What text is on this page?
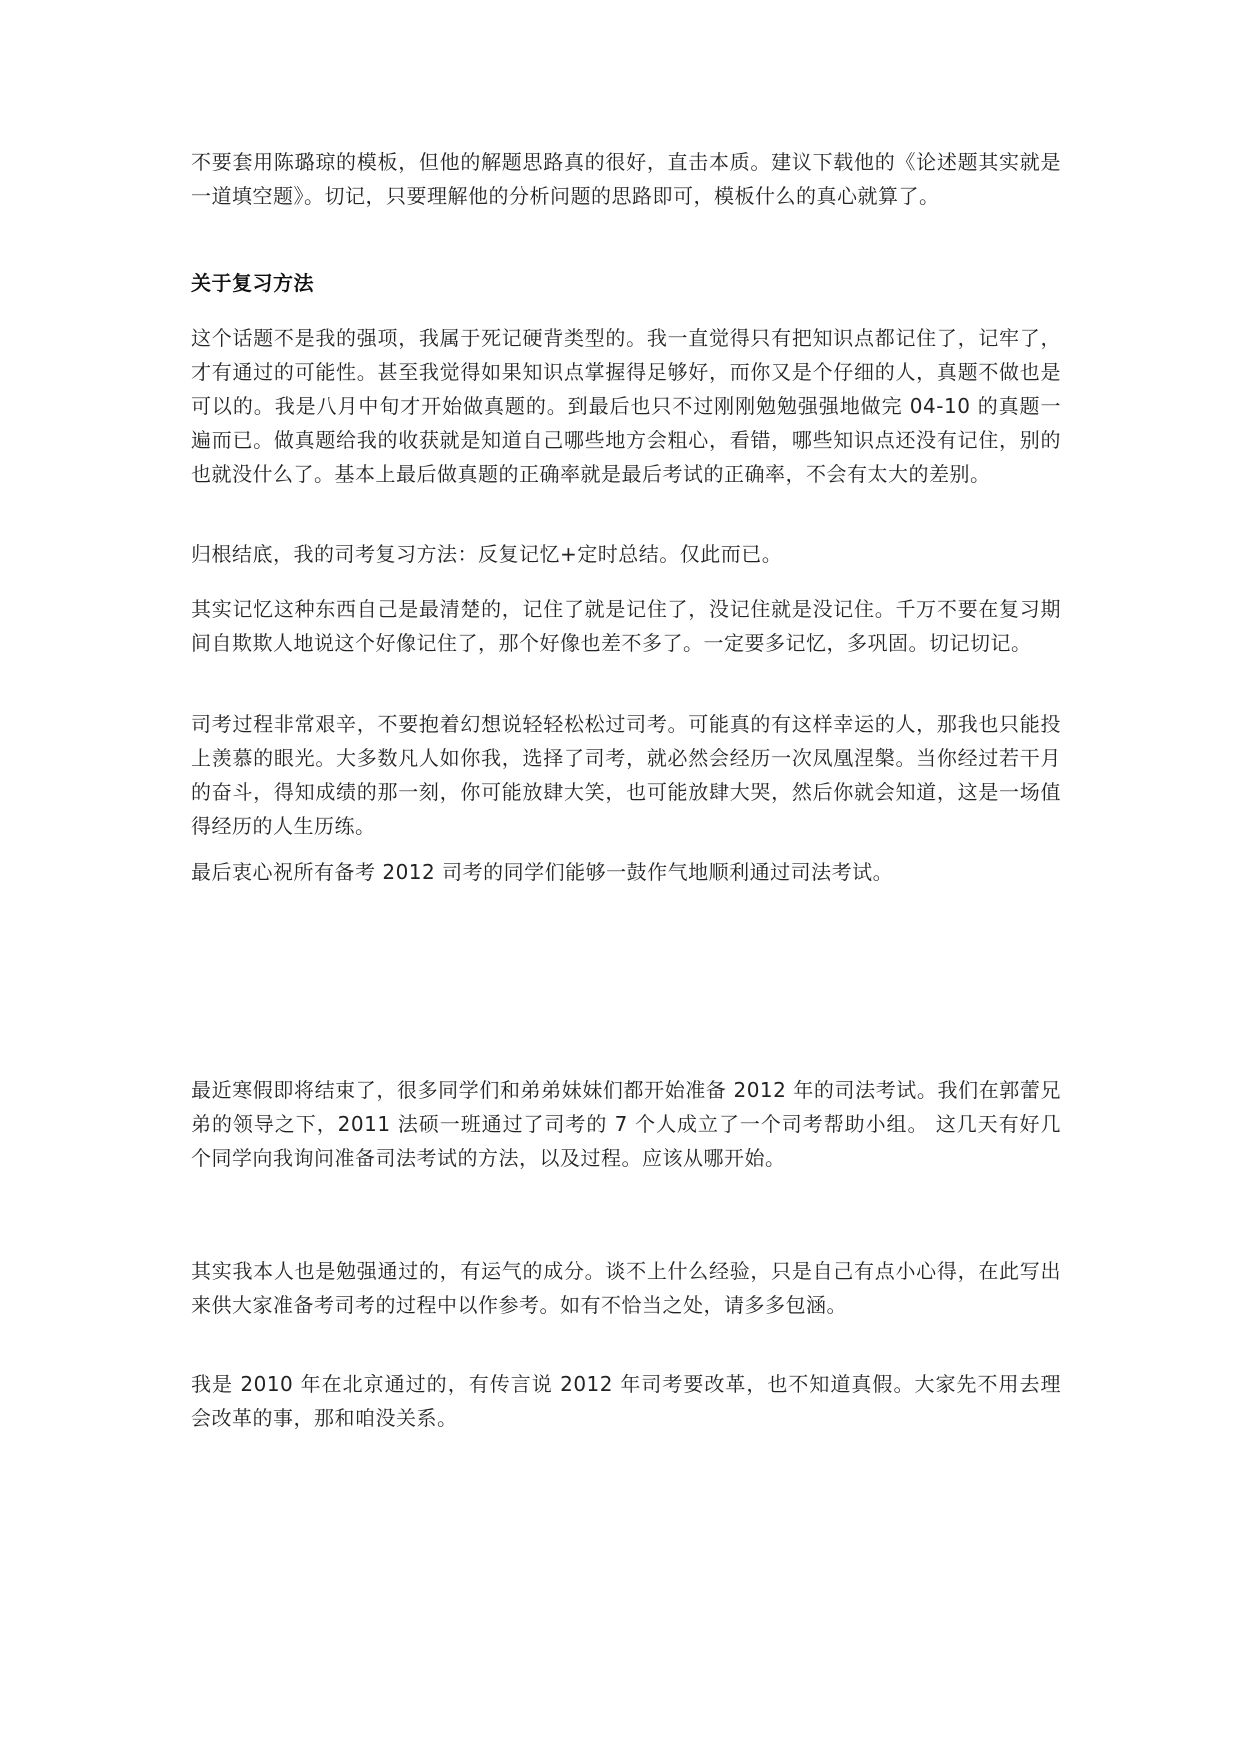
不要套用陈璐琼的模板，但他的解题思路真的很好，直击本质。建议下载他的《论述题其实就是一道填空题》。切记，只要理解他的分析问题的思路即可，模板什么的真心就算了。

关于复习方法

这个话题不是我的强项，我属于死记硬背类型的。我一直觉得只有把知识点都记住了，记牢了，才有通过的可能性。甚至我觉得如果知识点掌握得足够好，而你又是个仔细的人，真题不做也是可以的。我是八月中旬才开始做真题的。到最后也只不过刚刚勉勉强强地做完 04-10 的真题一遍而已。做真题给我的收获就是知道自己哪些地方会粗心，看错，哪些知识点还没有记住，别的也就没什么了。基本上最后做真题的正确率就是最后考试的正确率，不会有太大的差别。

归根结底，我的司考复习方法：反复记忆+定时总结。仅此而已。

其实记忆这种东西自己是最清楚的，记住了就是记住了，没记住就是没记住。千万不要在复习期间自欺欺人地说这个好像记住了，那个好像也差不多了。一定要多记忆，多巩固。切记切记。

司考过程非常艰辛，不要抱着幻想说轻轻松松过司考。可能真的有这样幸运的人，那我也只能投上羡慕的眼光。大多数凡人如你我，选择了司考，就必然会经历一次凤凰涅槃。当你经过若干月的奋斗，得知成绩的那一刻，你可能放肆大笑，也可能放肆大哭，然后你就会知道，这是一场值得经历的人生历练。

最后衷心祝所有备考 2012 司考的同学们能够一鼓作气地顺利通过司法考试。

最近寒假即将结束了，很多同学们和弟弟妹妹们都开始准备 2012 年的司法考试。我们在郭蕾兄弟的领导之下，2011 法硕一班通过了司考的 7 个人成立了一个司考帮助小组。 这几天有好几个同学向我询问准备司法考试的方法，以及过程。应该从哪开始。

其实我本人也是勉强通过的，有运气的成分。谈不上什么经验，只是自己有点小心得，在此写出来供大家准备考司考的过程中以作参考。如有不恰当之处，请多多包涵。

我是 2010 年在北京通过的，有传言说 2012 年司考要改革，也不知道真假。大家先不用去理会改革的事，那和咱没关系。
